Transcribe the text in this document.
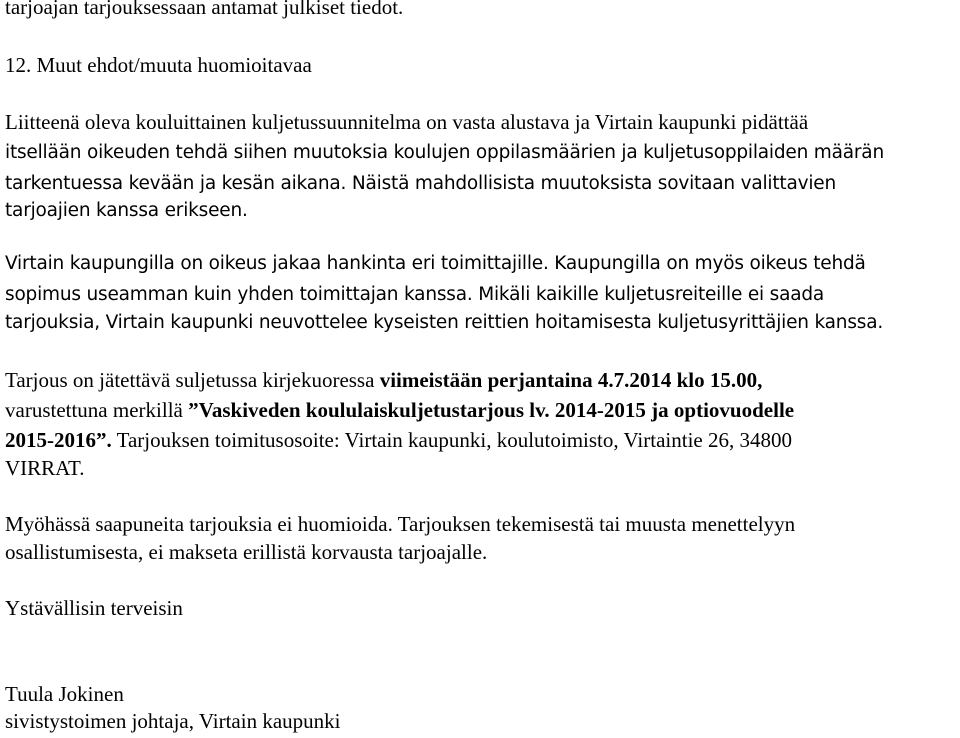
tarjoajan tarjouksessaan antamat julkiset tiedot.
12. Muut ehdot/muuta huomioitavaa
Liitteenä oleva kouluittainen kuljetussuunnitelma on vasta alustava ja Virtain kaupunki pidättää
itsellään oikeuden tehdä siihen muutoksia koulujen oppilasmäärien ja kuljetusoppilaiden määrän
tarkentuessa kevään ja kesän aikana. Näistä mahdollisista muutoksista sovitaan valittavien
tarjoajien kanssa erikseen.
Virtain kaupungilla on oikeus jakaa hankinta eri toimittajille. Kaupungilla on myös oikeus tehdä
sopimus useamman kuin yhden toimittajan kanssa. Mikäli kaikille kuljetusreiteille ei saada
tarjouksia, Virtain kaupunki neuvottelee kyseisten reittien hoitamisesta kuljetusyrittäjien kanssa.
Tarjous on jätettävä suljetussa kirjekuoressa viimeistään perjantaina 4.7.2014 klo 15.00,
varustettuna merkillä ”Vaskiveden koululaiskuljetustarjous lv. 2014-2015 ja optiovuodelle
2015-2016”. Tarjouksen toimitusosoite: Virtain kaupunki, koulutoimisto, Virtaintie 26, 34800
VIRRAT.
Myöhässä saapuneita tarjouksia ei huomioida. Tarjouksen tekemisestä tai muusta menettelyyn
osallistumisesta, ei makseta erillistä korvausta tarjoajalle.
Ystävällisin terveisin
Tuula Jokinen
sivistystoimen johtaja, Virtain kaupunki
